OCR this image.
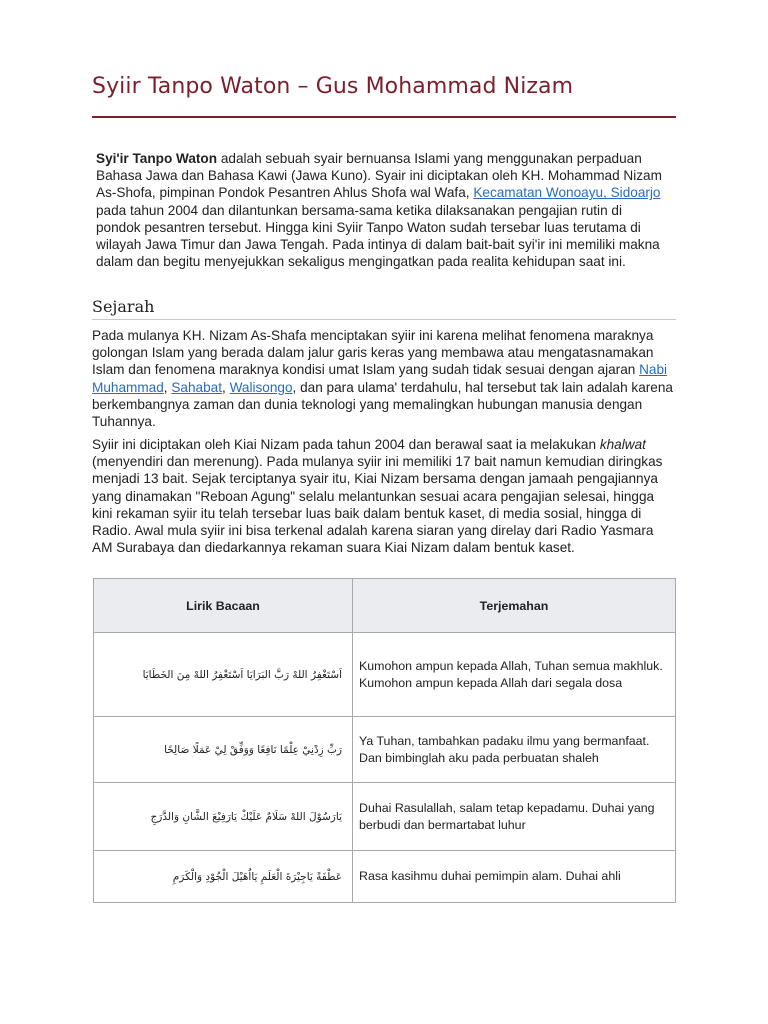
Syiir Tanpo Waton – Gus Mohammad Nizam

Syi'ir Tanpo Waton adalah sebuah syair bernuansa Islami yang menggunakan perpaduan Bahasa Jawa dan Bahasa Kawi (Jawa Kuno). Syair ini diciptakan oleh KH. Mohammad Nizam As-Shofa, pimpinan Pondok Pesantren Ahlus Shofa wal Wafa, Kecamatan Wonoayu, Sidoarjo pada tahun 2004 dan dilantunkan bersama-sama ketika dilaksanakan pengajian rutin di pondok pesantren tersebut. Hingga kini Syiir Tanpo Waton sudah tersebar luas terutama di wilayah Jawa Timur dan Jawa Tengah. Pada intinya di dalam bait-bait syi'ir ini memiliki makna dalam dan begitu menyejukkan sekaligus mengingatkan pada realita kehidupan saat ini.

Sejarah

Pada mulanya KH. Nizam As-Shafa menciptakan syiir ini karena melihat fenomena maraknya golongan Islam yang berada dalam jalur garis keras yang membawa atau mengatasnamakan Islam dan fenomena maraknya kondisi umat Islam yang sudah tidak sesuai dengan ajaran Nabi Muhammad, Sahabat, Walisongo, dan para ulama' terdahulu, hal tersebut tak lain adalah karena berkembangnya zaman dan dunia teknologi yang memalingkan hubungan manusia dengan Tuhannya.

Syiir ini diciptakan oleh Kiai Nizam pada tahun 2004 dan berawal saat ia melakukan khalwat (menyendiri dan merenung). Pada mulanya syiir ini memiliki 17 bait namun kemudian diringkas menjadi 13 bait. Sejak terciptanya syair itu, Kiai Nizam bersama dengan jamaah pengajiannya yang dinamakan "Reboan Agung" selalu melantunkan sesuai acara pengajian selesai, hingga kini rekaman syiir itu telah tersebar luas baik dalam bentuk kaset, di media sosial, hingga di Radio. Awal mula syiir ini bisa terkenal adalah karena siaran yang direlay dari Radio Yasmara AM Surabaya dan diedarkannya rekaman suara Kiai Nizam dalam bentuk kaset.

Lirik Bacaan	Terjemahan
اَسْتَغْفِرُ اللهْ رَبَّ البَرَايَا اَسْتَغْفِرُ اللهْ مِنَ الخَطَايَا	Kumohon ampun kepada Allah, Tuhan semua makhluk. Kumohon ampun kepada Allah dari segala dosa
رَبِّ زِدْنِيْ عِلْمًا نَافِعًا وَوَفِّقْ لِيْ عَمَلًا صَالِحًا	Ya Tuhan, tambahkan padaku ilmu yang bermanfaat. Dan bimbinglah aku pada perbuatan shaleh
يَارَسُوْلَ اللهْ سَلَامٌ عَلَيْكْ يَارَفِيْعَ الشَّانِ وَالدَّرَجِ	Duhai Rasulallah, salam tetap kepadamu. Duhai yang berbudi dan bermartabat luhur
عَطْفَةً يَاجِيْرَةَ الْعَلَمِ يَااُهَيْلَ الْجُوْدِ وَالْكَرَمِ	Rasa kasihmu duhai pemimpin alam. Duhai ahli
